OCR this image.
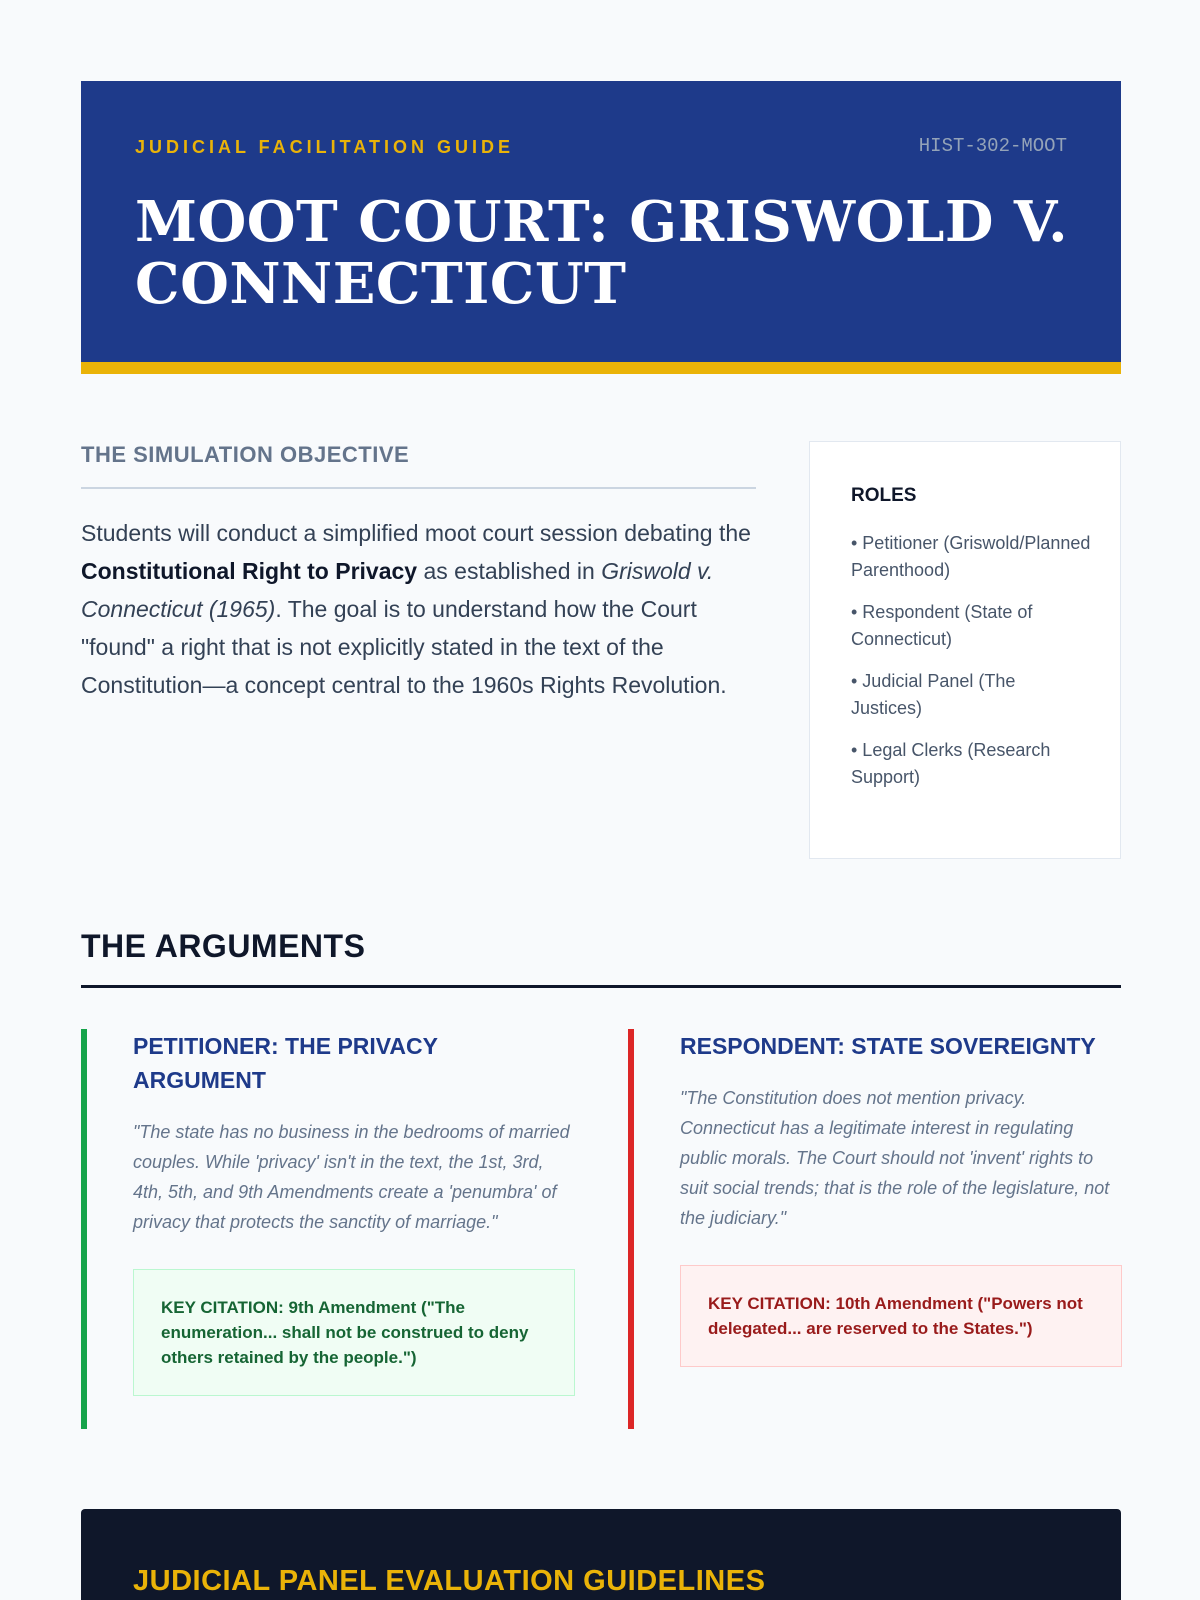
JUDICIAL FACILITATION GUIDE	HIST-302-MOOT
MOOT COURT: GRISWOLD V. CONNECTICUT
THE SIMULATION OBJECTIVE

Students will conduct a simplified moot court session debating the Constitutional Right to Privacy as established in Griswold v. Connecticut (1965). The goal is to understand how the Court "found" a right that is not explicitly stated in the text of the Constitution—a concept central to the 1960s Rights Revolution.

ROLES
• Petitioner (Griswold/Planned Parenthood)
• Respondent (State of Connecticut)
• Judicial Panel (The Justices)
• Legal Clerks (Research Support)
THE ARGUMENTS
PETITIONER: THE PRIVACY ARGUMENT

"The state has no business in the bedrooms of married couples. While 'privacy' isn't in the text, the 1st, 3rd, 4th, 5th, and 9th Amendments create a 'penumbra' of privacy that protects the sanctity of marriage."

KEY CITATION: 9th Amendment ("The enumeration... shall not be construed to deny others retained by the people.")
RESPONDENT: STATE SOVEREIGNTY

"The Constitution does not mention privacy. Connecticut has a legitimate interest in regulating public morals. The Court should not 'invent' rights to suit social trends; that is the role of the legislature, not the judiciary."

KEY CITATION: 10th Amendment ("Powers not delegated... are reserved to the States.")
JUDICIAL PANEL EVALUATION GUIDELINES
